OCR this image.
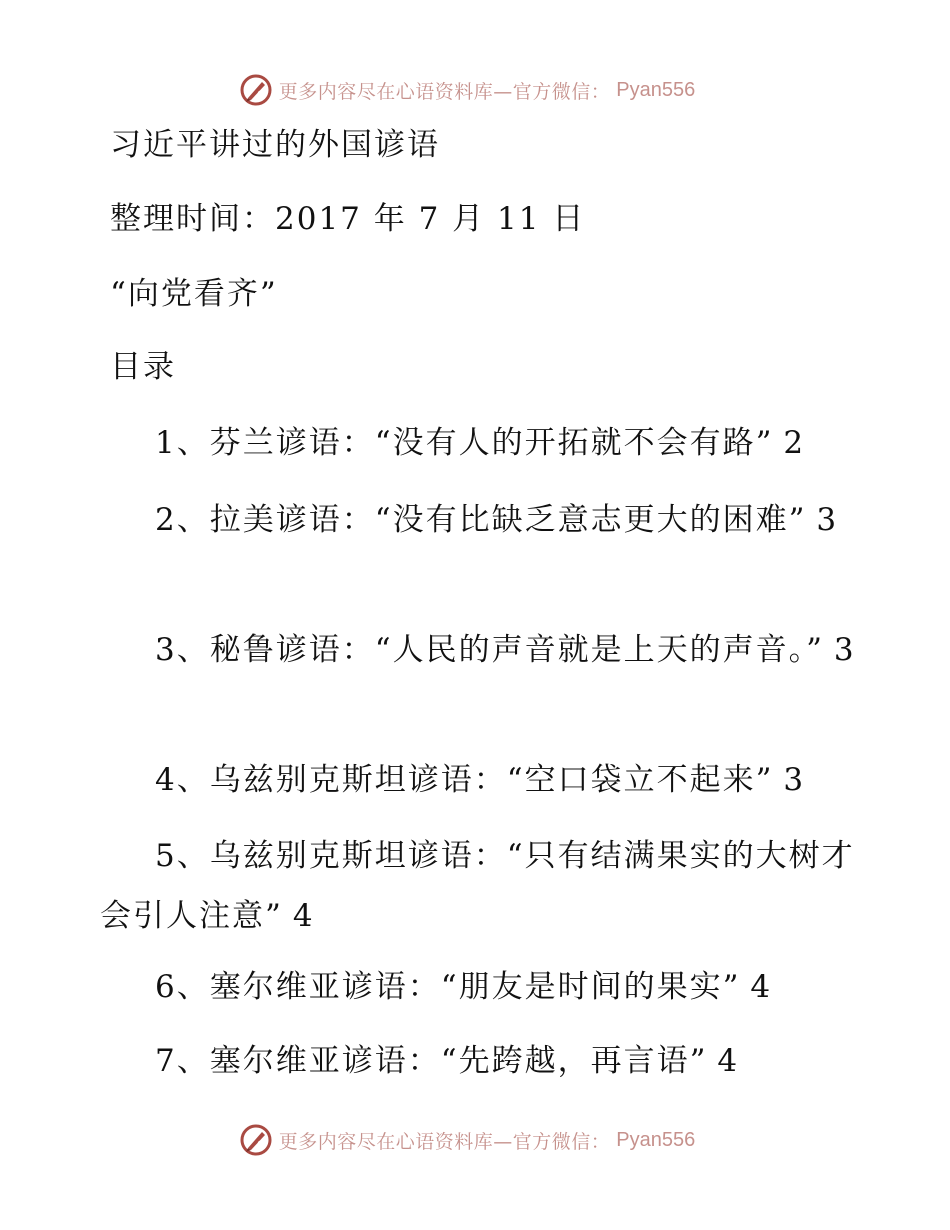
更多内容尽在心语资料库—官方微信： Pyan556
习近平讲过的外国谚语
整理时间：2017 年 7 月 11 日
“向党看齐”
目录
1、芬兰谚语：“没有人的开拓就不会有路” 2
2、拉美谚语：“没有比缺乏意志更大的困难” 3
3、秘鲁谚语：“人民的声音就是上天的声音。” 3
4、乌兹别克斯坦谚语：“空口袋立不起来” 3
5、乌兹别克斯坦谚语：“只有结满果实的大树才会引人注意” 4
6、塞尔维亚谚语：“朋友是时间的果实” 4
7、塞尔维亚谚语：“先跨越，再言语” 4
更多内容尽在心语资料库—官方微信： Pyan556
